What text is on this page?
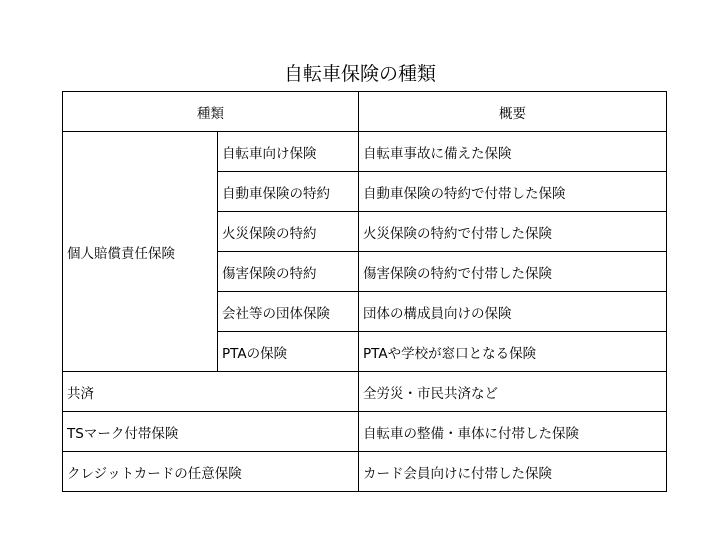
自転車保険の種類
種類		概要
個人賠償責任保険	自転車向け保険	自転車事故に備えた保険
	自動車保険の特約	自動車保険の特約で付帯した保険
	火災保険の特約	火災保険の特約で付帯した保険
	傷害保険の特約	傷害保険の特約で付帯した保険
	会社等の団体保険	団体の構成員向けの保険
	PTAの保険	PTAや学校が窓口となる保険
共済		全労災・市民共済など
TSマーク付帯保険		自転車の整備・車体に付帯した保険
クレジットカードの任意保険		カード会員向けに付帯した保険
